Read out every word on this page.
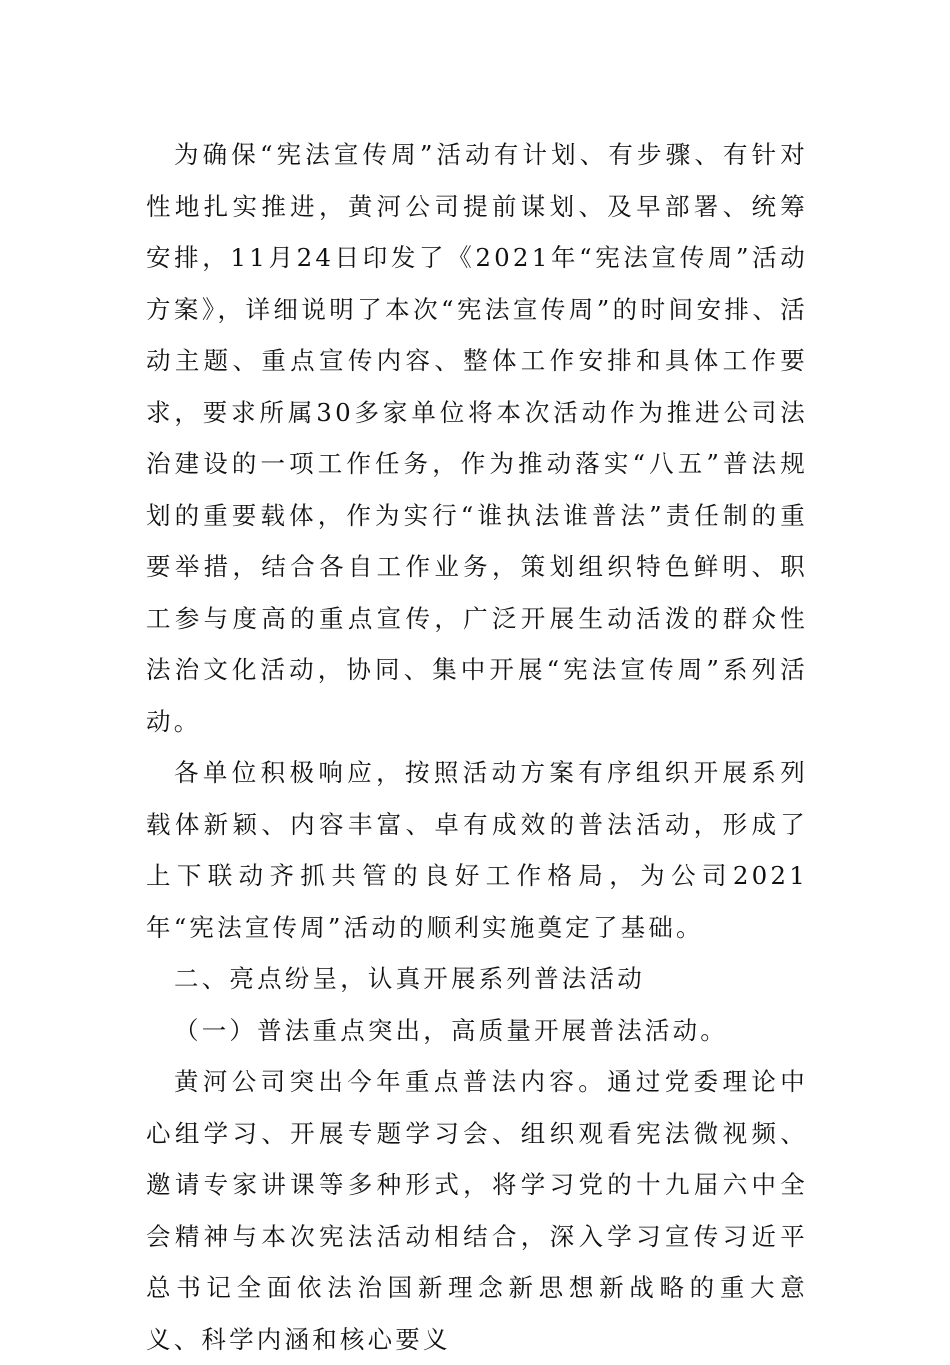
为确保“宪法宣传周”活动有计划、有步骤、有针对性地扎实推进，黄河公司提前谋划、及早部署、统筹安排，11月24日印发了《2021年“宪法宣传周”活动方案》，详细说明了本次“宪法宣传周”的时间安排、活动主题、重点宣传内容、整体工作安排和具体工作要求，要求所属30多家单位将本次活动作为推进公司法治建设的一项工作任务，作为推动落实“八五”普法规划的重要载体，作为实行“谁执法谁普法”责任制的重要举措，结合各自工作业务，策划组织特色鲜明、职工参与度高的重点宣传，广泛开展生动活泼的群众性法治文化活动，协同、集中开展“宪法宣传周”系列活动。

各单位积极响应，按照活动方案有序组织开展系列载体新颖、内容丰富、卓有成效的普法活动，形成了上下联动齐抓共管的良好工作格局，为公司2021年“宪法宣传周”活动的顺利实施奠定了基础。

二、亮点纷呈，认真开展系列普法活动

（一）普法重点突出，高质量开展普法活动。

黄河公司突出今年重点普法内容。通过党委理论中心组学习、开展专题学习会、组织观看宪法微视频、邀请专家讲课等多种形式，将学习党的十九届六中全会精神与本次宪法活动相结合，深入学习宣传习近平总书记全面依法治国新理念新思想新战略的重大意义、科学内涵和核心要义
